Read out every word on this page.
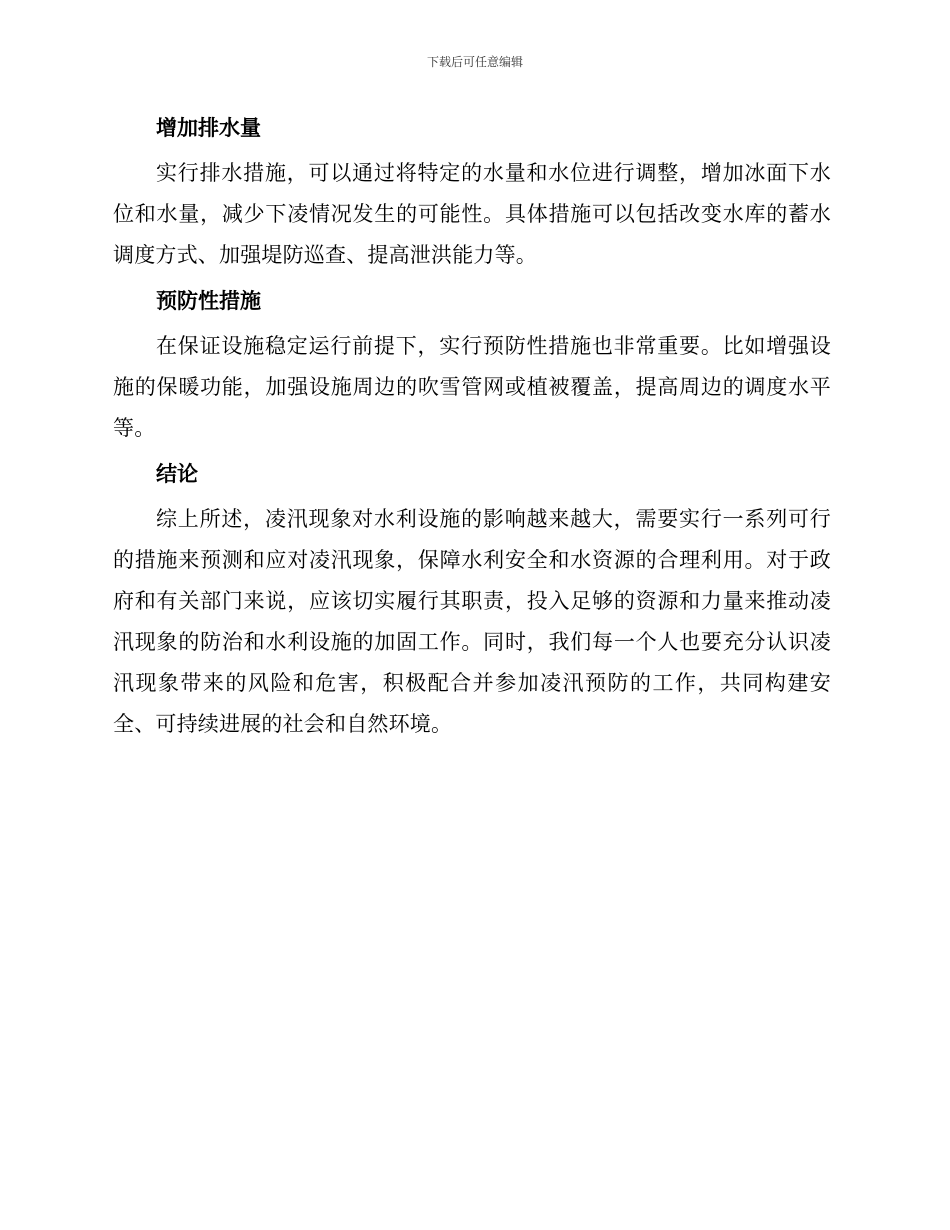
下载后可任意编辑
增加排水量

实行排水措施，可以通过将特定的水量和水位进行调整，增加冰面下水位和水量，减少下凌情况发生的可能性。具体措施可以包括改变水库的蓄水调度方式、加强堤防巡查、提高泄洪能力等。

预防性措施

在保证设施稳定运行前提下，实行预防性措施也非常重要。比如增强设施的保暖功能，加强设施周边的吹雪管网或植被覆盖，提高周边的调度水平等。

结论

综上所述，凌汛现象对水利设施的影响越来越大，需要实行一系列可行的措施来预测和应对凌汛现象，保障水利安全和水资源的合理利用。对于政府和有关部门来说，应该切实履行其职责，投入足够的资源和力量来推动凌汛现象的防治和水利设施的加固工作。同时，我们每一个人也要充分认识凌汛现象带来的风险和危害，积极配合并参加凌汛预防的工作，共同构建安全、可持续进展的社会和自然环境。
